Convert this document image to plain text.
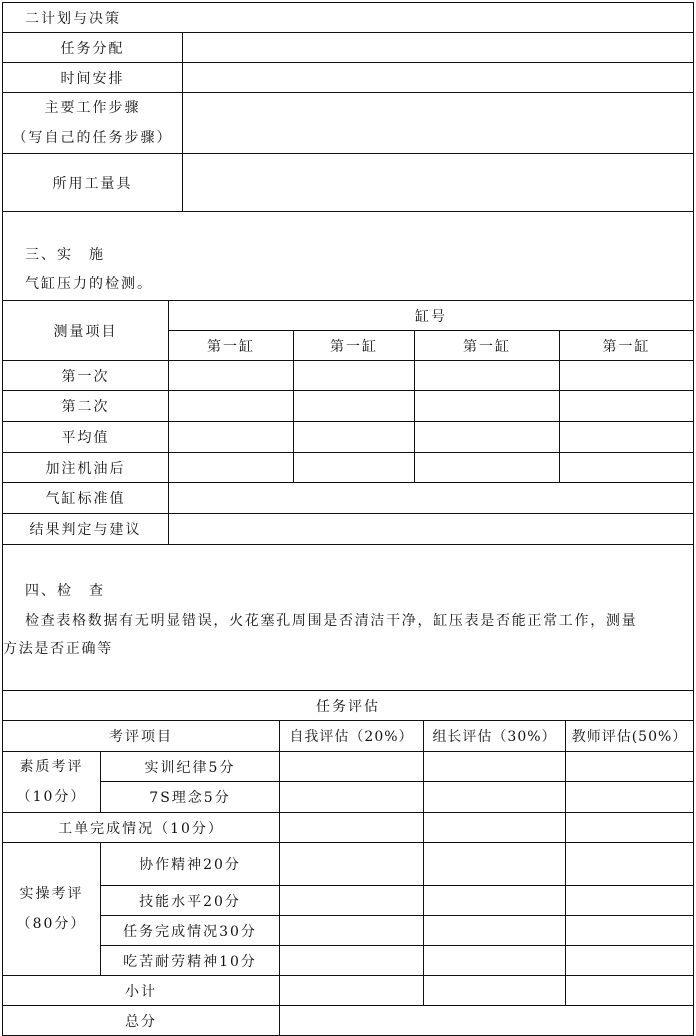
二计划与决策	
任务分配	
时间安排	

主要工作步骤
（写自己的任务步骤）	

所用工量具	
三、实　施
气缸压力的检测。
测量项目	缸号			
	第一缸	第一缸	第一缸	第一缸
第一次				
第二次				
平均值				
加注机油后				
气缸标准值				
结果判定与建议				
四、检　查
检查表格数据有无明显错误，火花塞孔周围是否清洁干净，缸压表是否能正常工作，测量
方法是否正确等
任务评估				
考评项目		自我评估（20%）	组长评估（30%）	教师评估(50%）

素质考评
（10分）	实训纪律5分			
	7S理念5分			
工单完成情况（10分）				

实操考评
（80分）	协作精神20分			
	技能水平20分			
	任务完成情况30分			
	吃苦耐劳精神10分			
小计				
总分				
